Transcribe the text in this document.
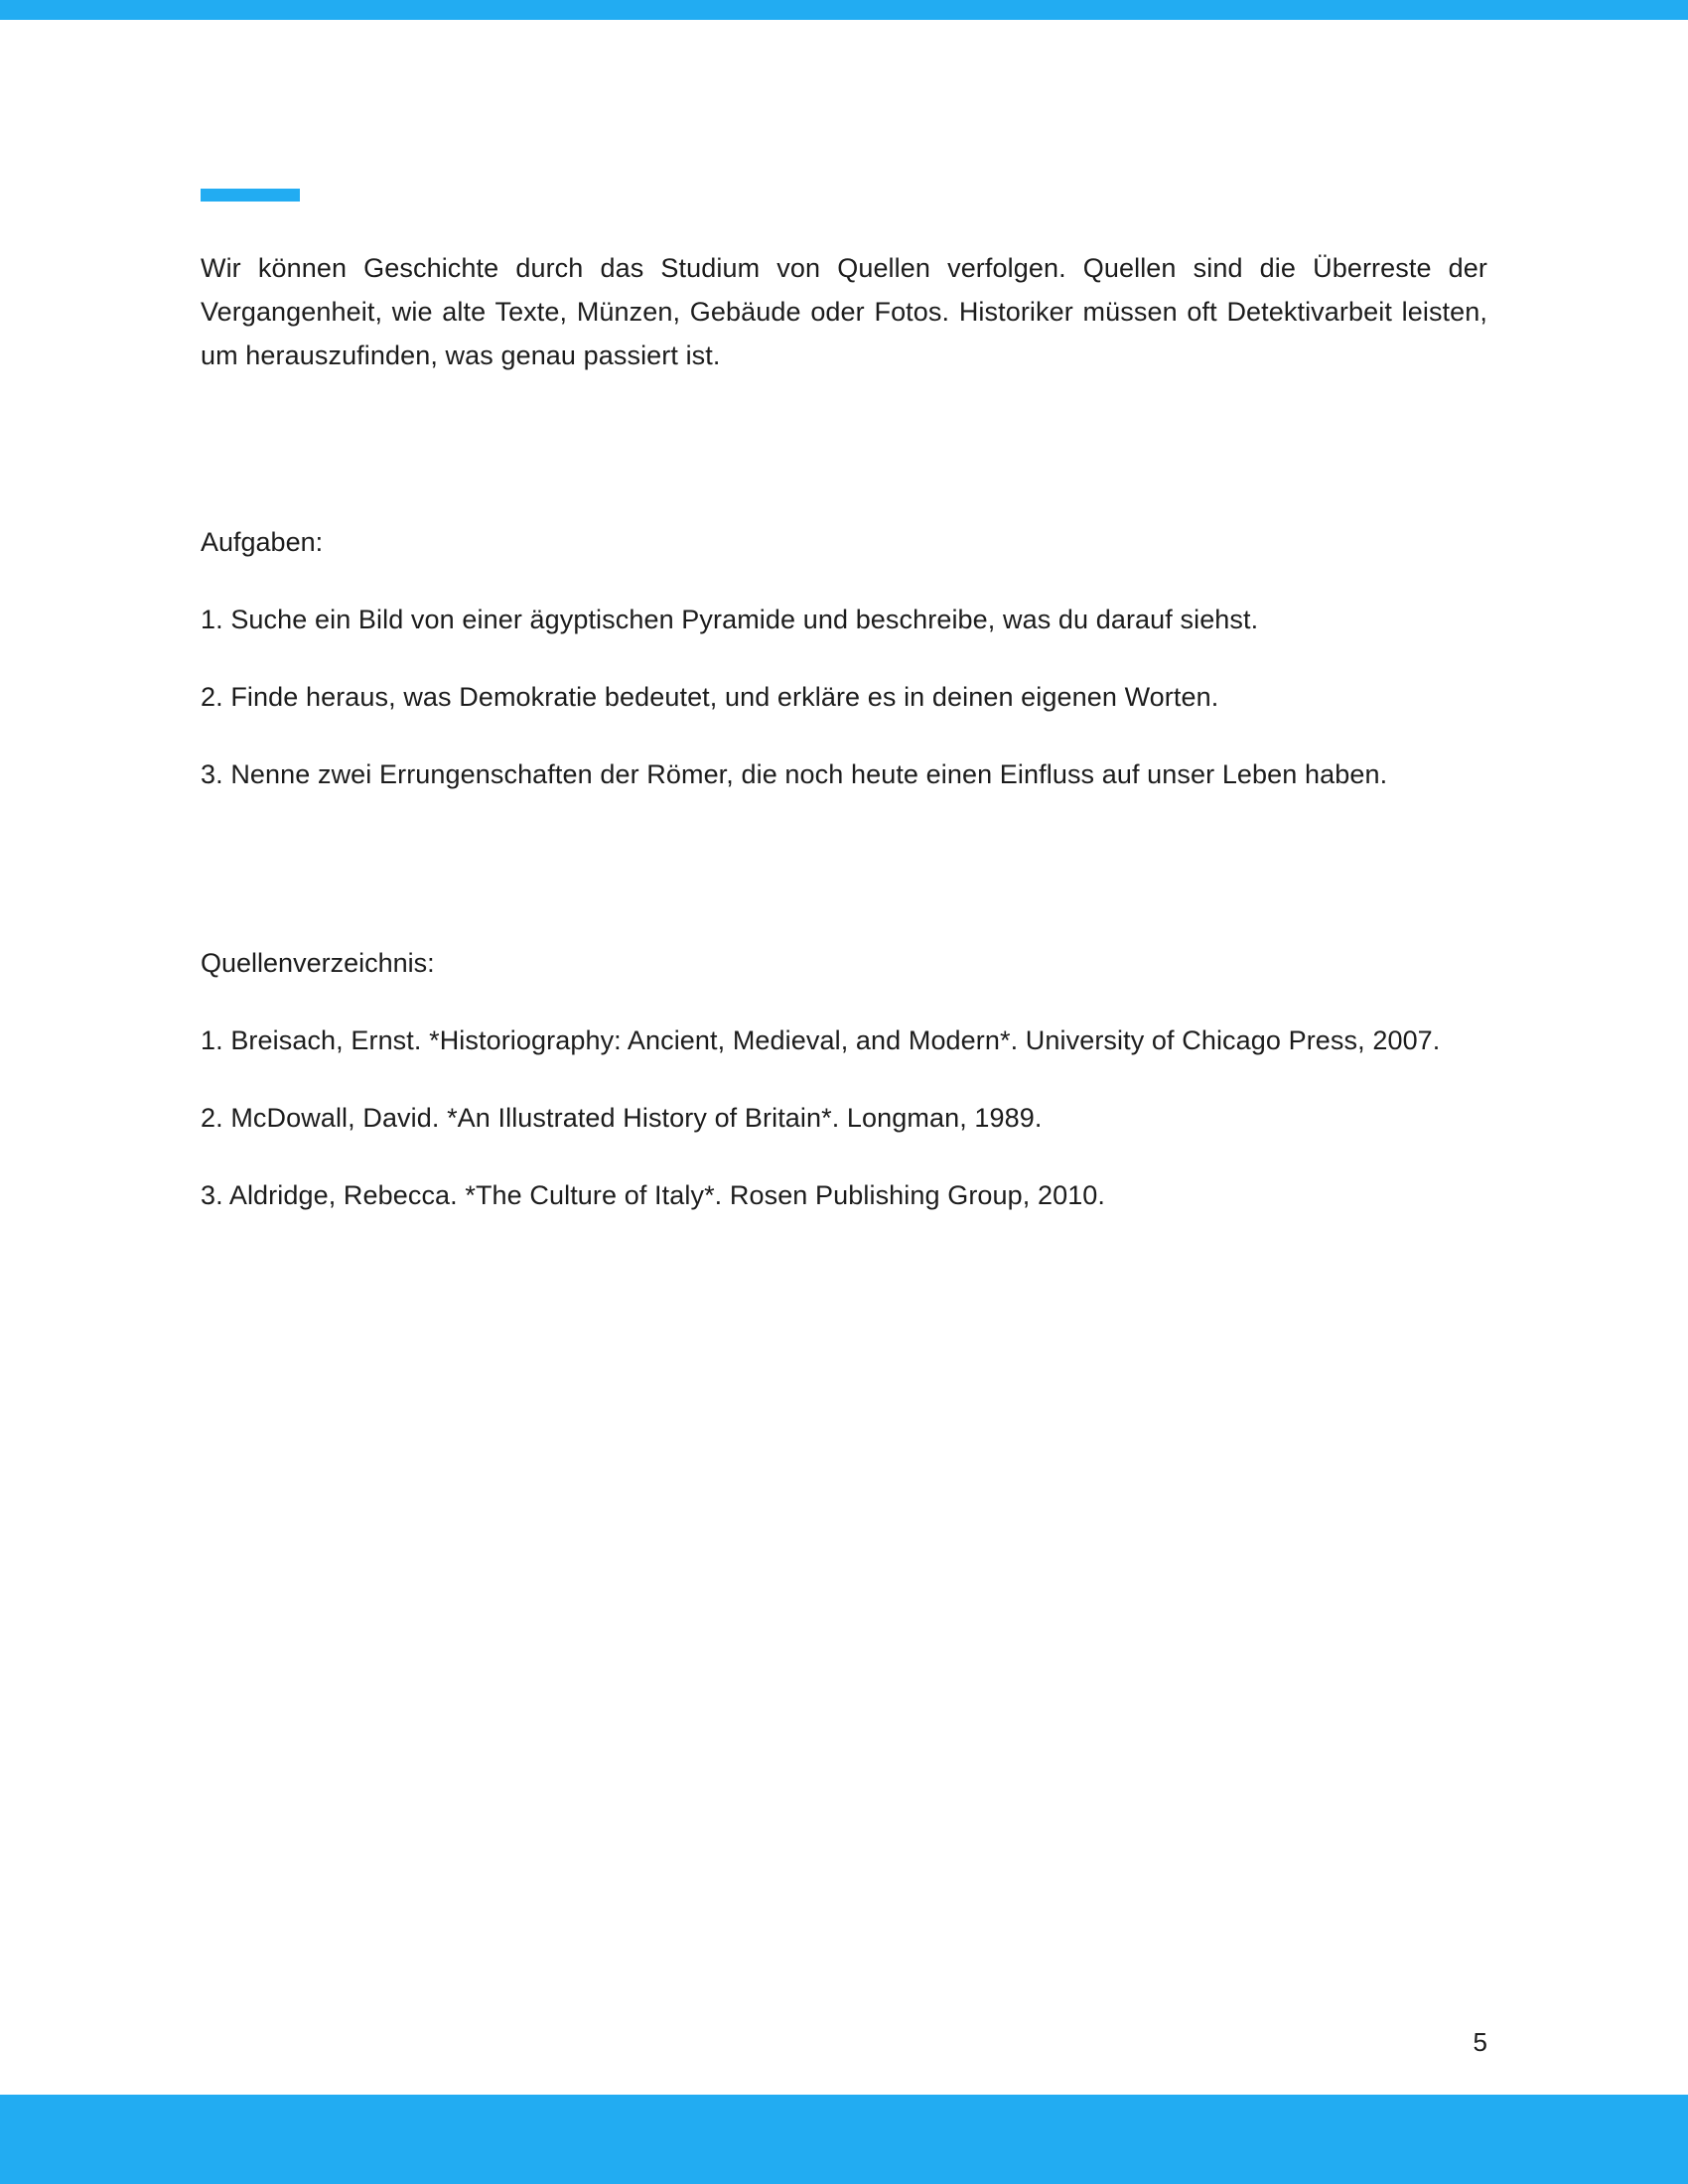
Wir können Geschichte durch das Studium von Quellen verfolgen. Quellen sind die Überreste der Vergangenheit, wie alte Texte, Münzen, Gebäude oder Fotos. Historiker müssen oft Detektivarbeit leisten, um herauszufinden, was genau passiert ist.

Aufgaben:

1. Suche ein Bild von einer ägyptischen Pyramide und beschreibe, was du darauf siehst.

2. Finde heraus, was Demokratie bedeutet, und erkläre es in deinen eigenen Worten.

3. Nenne zwei Errungenschaften der Römer, die noch heute einen Einfluss auf unser Leben haben.

Quellenverzeichnis:

1. Breisach, Ernst. *Historiography: Ancient, Medieval, and Modern*. University of Chicago Press, 2007.

2. McDowall, David. *An Illustrated History of Britain*. Longman, 1989.

3. Aldridge, Rebecca. *The Culture of Italy*. Rosen Publishing Group, 2010.

5
